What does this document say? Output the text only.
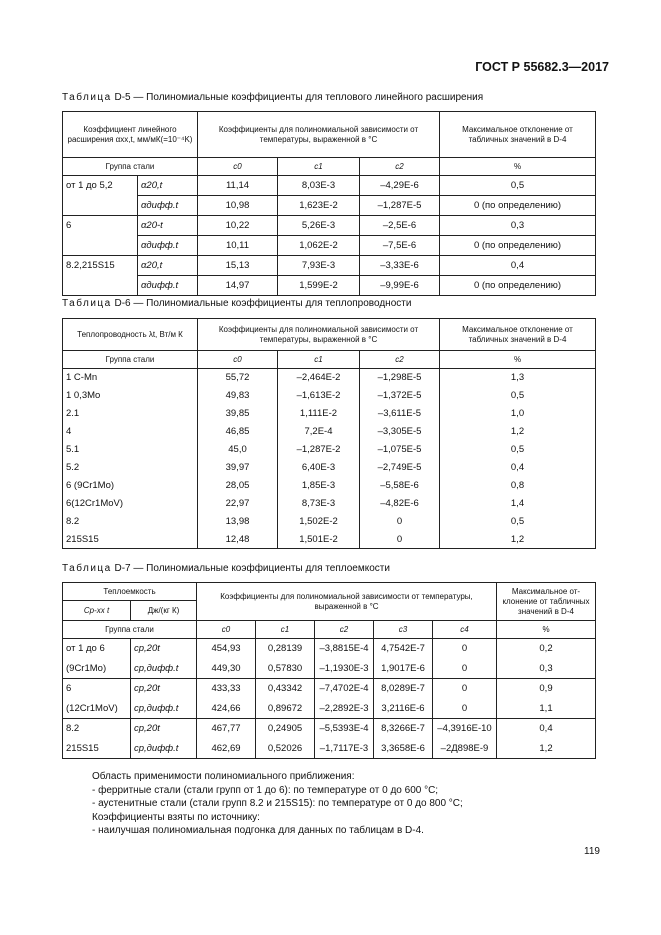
ГОСТ Р 55682.3—2017
Таблица D-5 — Полиномиальные коэффициенты для теплового линейного расширения
Коэффициент линейного расширения αxx,t, мм/мК(=10⁻⁴K)		Коэффициенты для полиномиальной зависимости от температуры, выраженной в °С			Максимальное отклонение от табличных значений в D-4
Группа стали		c0	c1	c2	%
от 1 до 5,2	α20,t	11,14	8,03E-3	–4,29E-6	0,5
	αдифф.t	10,98	1,623E-2	–1,287E-5	0 (по определению)
6	α20-t	10,22	5,26E-3	–2,5E-6	0,3
	αдифф.t	10,11	1,062E-2	–7,5E-6	0 (по определению)
8.2,215S15	α20,t	15,13	7,93E-3	–3,33E-6	0,4
	αдифф.t	14,97	1,599E-2	–9,99E-6	0 (по определению)
Таблица D-6 — Полиномиальные коэффициенты для теплопроводности
Теплопроводность λt, Вт/м К	Коэффициенты для полиномиальной зависимости от температуры, выраженной в °С			Максимальное отклонение от табличных значений в D-4
Группа стали	c0	c1	c2	%
1 C-Mn	55,72	–2,464E-2	–1,298E-5	1,3
1 0,3Mo	49,83	–1,613E-2	–1,372E-5	0,5
2.1	39,85	1,111E-2	–3,611E-5	1,0
4	46,85	7,2E-4	–3,305E-5	1,2
5.1	45,0	–1,287E-2	–1,075E-5	0,5
5.2	39,97	6,40E-3	–2,749E-5	0,4
6 (9Cr1Mo)	28,05	1,85E-3	–5,58E-6	0,8
6(12Cr1MoV)	22,97	8,73E-3	–4,82E-6	1,4
8.2	13,98	1,502E-2	0	0,5
215S15	12,48	1,501E-2	0	1,2
Таблица D-7 — Полиномиальные коэффициенты для теплоемкости
Теплоемкость		Коэффициенты для полиномиальной зависимости от температуры, выраженной в °С					Максимальное от-клонение от табличных значений в D-4
Cp-xx t	Дж/(кг К)						
Группа стали		c0	c1	c2	c3	c4	%
от 1 до 6	cp,20t	454,93	0,28139	–3,8815E-4	4,7542E-7	0	0,2
(9Cr1Mo)	cp,дифф.t	449,30	0,57830	–1,1930E-3	1,9017E-6	0	0,3
6	cp,20t	433,33	0,43342	–7,4702E-4	8,0289E-7	0	0,9
(12Cr1MoV)	cp,дифф.t	424,66	0,89672	–2,2892E-3	3,2116E-6	0	1,1
8.2	cp,20t	467,77	0,24905	–5,5393E-4	8,3266E-7	–4,3916E-10	0,4
215S15	cp,дифф.t	462,69	0,52026	–1,7117E-3	3,3658E-6	–2Д898E-9	1,2
Область применимости полиномиального приближения:
- ферритные стали (стали групп от 1 до 6): по температуре от 0 до 600 °С;
- аустенитные стали (стали групп 8.2 и 215S15): по температуре от 0 до 800 °С;
Коэффициенты взяты по источнику:
- наилучшая полиномиальная подгонка для данных по таблицам в D-4.
119
